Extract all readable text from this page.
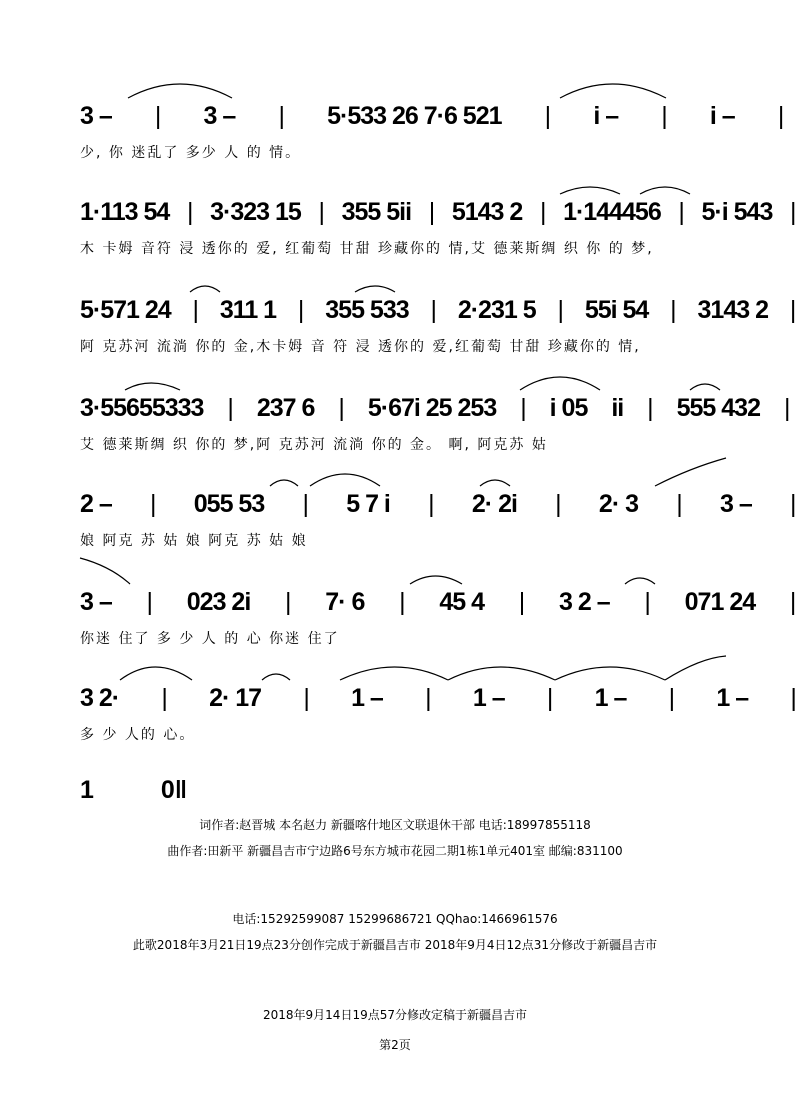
3 – | 3 – | 5·533 26 7·6 521 | i – | i – |
少, 你 迷乱了 多少 人 的 情。
1·113 54 | 3·323 15 | 355 5ii | 5143 2 | 1·144456 | 5·i 543 |
木 卡姆 音符 浸 透你的 爱, 红葡萄 甘甜 珍藏你的 情,艾 德莱斯绸 织 你 的 梦,
5·571 24 | 311 1 | 355 533 | 2·231 5 | 55i 54 | 3143 2 |
阿 克苏河 流淌 你的 金,木卡姆 音 符 浸 透你的 爱,红葡萄 甘甜 珍藏你的 情,
3·55655333 | 237 6 | 5·67i 25 253 | i 05 ii | 555 432 |
艾 德莱斯绸 织 你的 梦,阿 克苏河 流淌 你的 金。 啊, 阿克苏 姑
2 – | 055 53 | 5 7 i | 2· 2i | 2· 3 | 3 – |
娘 阿克 苏 姑 娘 阿克 苏 姑 娘
3 – | 023 2i | 7· 6 | 45 4 | 3 2 – | 071 24 |
你迷 住了 多 少 人 的 心 你迷 住了
3 2· | 2· 17 | 1 – | 1 – | 1 – | 1 – |
多 少 人的 心。
1	0‖
词作者:赵晋城 本名赵力 新疆喀什地区文联退休干部 电话:18997855118
曲作者:田新平 新疆昌吉市宁边路6号东方城市花园二期1栋1单元401室 邮编:831100
电话:15292599087 15299686721 QQhao:1466961576
此歌2018年3月21日19点23分创作完成于新疆昌吉市 2018年9月4日12点31分修改于新疆昌吉市
2018年9月14日19点57分修改定稿于新疆昌吉市
第2页
